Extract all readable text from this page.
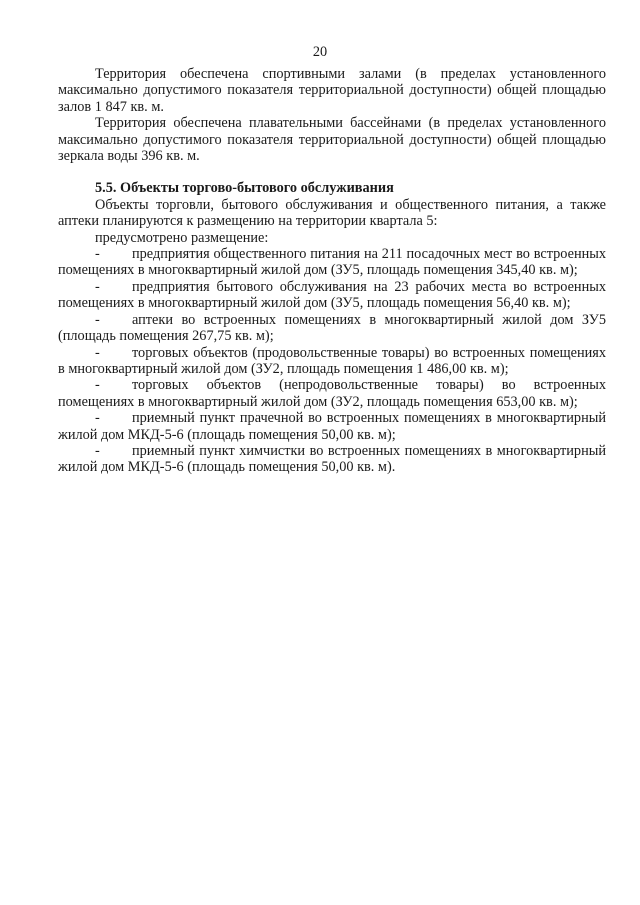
20

Территория обеспечена спортивными залами (в пределах установленного максимально допустимого показателя территориальной доступности) общей площадью залов 1 847 кв. м.

Территория обеспечена плавательными бассейнами (в пределах установленного максимально допустимого показателя территориальной доступности) общей площадью зеркала воды 396 кв. м.

5.5. Объекты торгово-бытового обслуживания

Объекты торговли, бытового обслуживания и общественного питания, а также аптеки планируются к размещению на территории квартала 5:

предусмотрено размещение:

- предприятия общественного питания на 211 посадочных мест во встроенных помещениях в многоквартирный жилой дом (ЗУ5, площадь помещения 345,40 кв. м);
- предприятия бытового обслуживания на 23 рабочих места во встроенных помещениях в многоквартирный жилой дом (ЗУ5, площадь помещения 56,40 кв. м);
- аптеки во встроенных помещениях в многоквартирный жилой дом ЗУ5 (площадь помещения 267,75 кв. м);
- торговых объектов (продовольственные товары) во встроенных помещениях в многоквартирный жилой дом (ЗУ2, площадь помещения 1 486,00 кв. м);
- торговых объектов (непродовольственные товары) во встроенных помещениях в многоквартирный жилой дом (ЗУ2, площадь помещения 653,00 кв. м);
- приемный пункт прачечной во встроенных помещениях в многоквартирный жилой дом МКД-5-6 (площадь помещения 50,00 кв. м);
- приемный пункт химчистки во встроенных помещениях в многоквартирный жилой дом МКД-5-6 (площадь помещения 50,00 кв. м).
